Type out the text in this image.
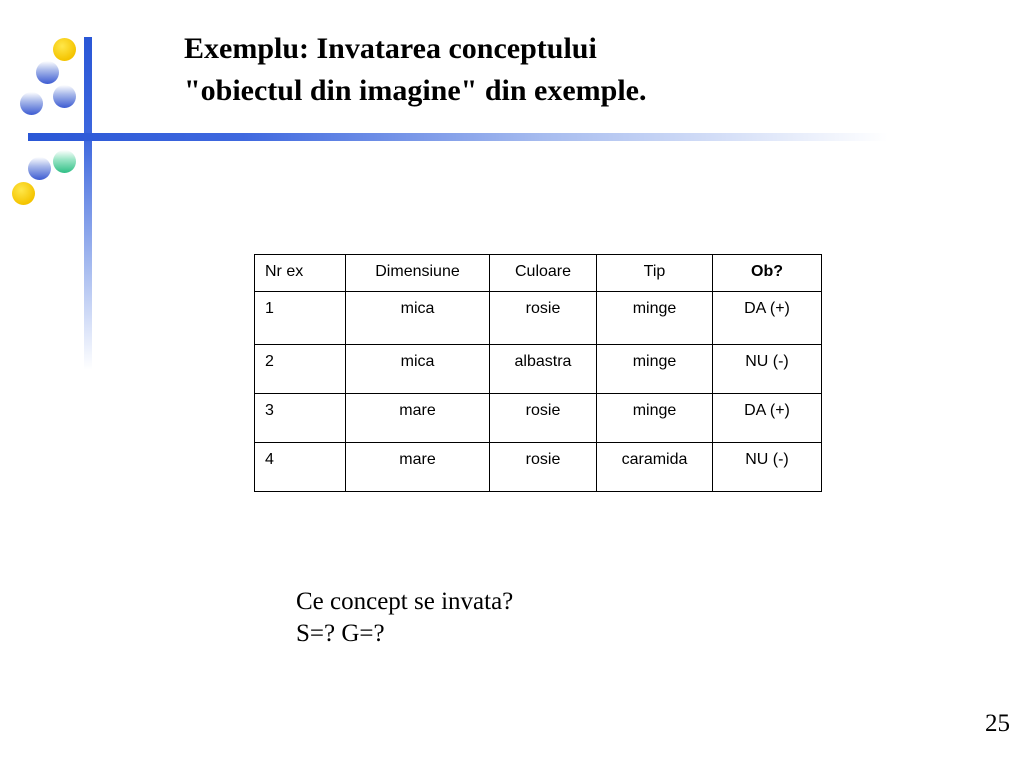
Exemplu: Invatarea conceptului
"obiectul din imagine" din exemple.
Nr ex	Dimensiune	Culoare	Tip	Ob?

1	mica	rosie	minge	DA (+)

2	mica	albastra	minge	NU (-)

3	mare	rosie	minge	DA (+)

4	mare	rosie	caramida	NU (-)
Ce concept se invata?
S=? G=?
25
